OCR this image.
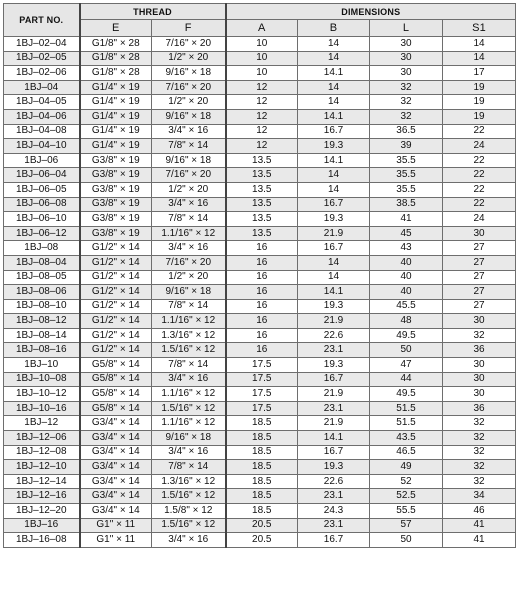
PART NO.	THREAD		DIMENSIONS			
	E	F	A	B	L	S1
1BJ–02–04	G1/8" × 28	7/16" × 20	10	14	30	14
1BJ–02–05	G1/8" × 28	1/2" × 20	10	14	30	14
1BJ–02–06	G1/8" × 28	9/16" × 18	10	14.1	30	17
1BJ–04	G1/4" × 19	7/16" × 20	12	14	32	19
1BJ–04–05	G1/4" × 19	1/2" × 20	12	14	32	19
1BJ–04–06	G1/4" × 19	9/16" × 18	12	14.1	32	19
1BJ–04–08	G1/4" × 19	3/4" × 16	12	16.7	36.5	22
1BJ–04–10	G1/4" × 19	7/8" × 14	12	19.3	39	24
1BJ–06	G3/8" × 19	9/16" × 18	13.5	14.1	35.5	22
1BJ–06–04	G3/8" × 19	7/16" × 20	13.5	14	35.5	22
1BJ–06–05	G3/8" × 19	1/2" × 20	13.5	14	35.5	22
1BJ–06–08	G3/8" × 19	3/4" × 16	13.5	16.7	38.5	22
1BJ–06–10	G3/8" × 19	7/8" × 14	13.5	19.3	41	24
1BJ–06–12	G3/8" × 19	1.1/16" × 12	13.5	21.9	45	30
1BJ–08	G1/2" × 14	3/4" × 16	16	16.7	43	27
1BJ–08–04	G1/2" × 14	7/16" × 20	16	14	40	27
1BJ–08–05	G1/2" × 14	1/2" × 20	16	14	40	27
1BJ–08–06	G1/2" × 14	9/16" × 18	16	14.1	40	27
1BJ–08–10	G1/2" × 14	7/8" × 14	16	19.3	45.5	27
1BJ–08–12	G1/2" × 14	1.1/16" × 12	16	21.9	48	30
1BJ–08–14	G1/2" × 14	1.3/16" × 12	16	22.6	49.5	32
1BJ–08–16	G1/2" × 14	1.5/16" × 12	16	23.1	50	36
1BJ–10	G5/8" × 14	7/8" × 14	17.5	19.3	47	30
1BJ–10–08	G5/8" × 14	3/4" × 16	17.5	16.7	44	30
1BJ–10–12	G5/8" × 14	1.1/16" × 12	17.5	21.9	49.5	30
1BJ–10–16	G5/8" × 14	1.5/16" × 12	17.5	23.1	51.5	36
1BJ–12	G3/4" × 14	1.1/16" × 12	18.5	21.9	51.5	32
1BJ–12–06	G3/4" × 14	9/16" × 18	18.5	14.1	43.5	32
1BJ–12–08	G3/4" × 14	3/4" × 16	18.5	16.7	46.5	32
1BJ–12–10	G3/4" × 14	7/8" × 14	18.5	19.3	49	32
1BJ–12–14	G3/4" × 14	1.3/16" × 12	18.5	22.6	52	32
1BJ–12–16	G3/4" × 14	1.5/16" × 12	18.5	23.1	52.5	34
1BJ–12–20	G3/4" × 14	1.5/8" × 12	18.5	24.3	55.5	46
1BJ–16	G1" × 11	1.5/16" × 12	20.5	23.1	57	41
1BJ–16–08	G1" × 11	3/4" × 16	20.5	16.7	50	41
